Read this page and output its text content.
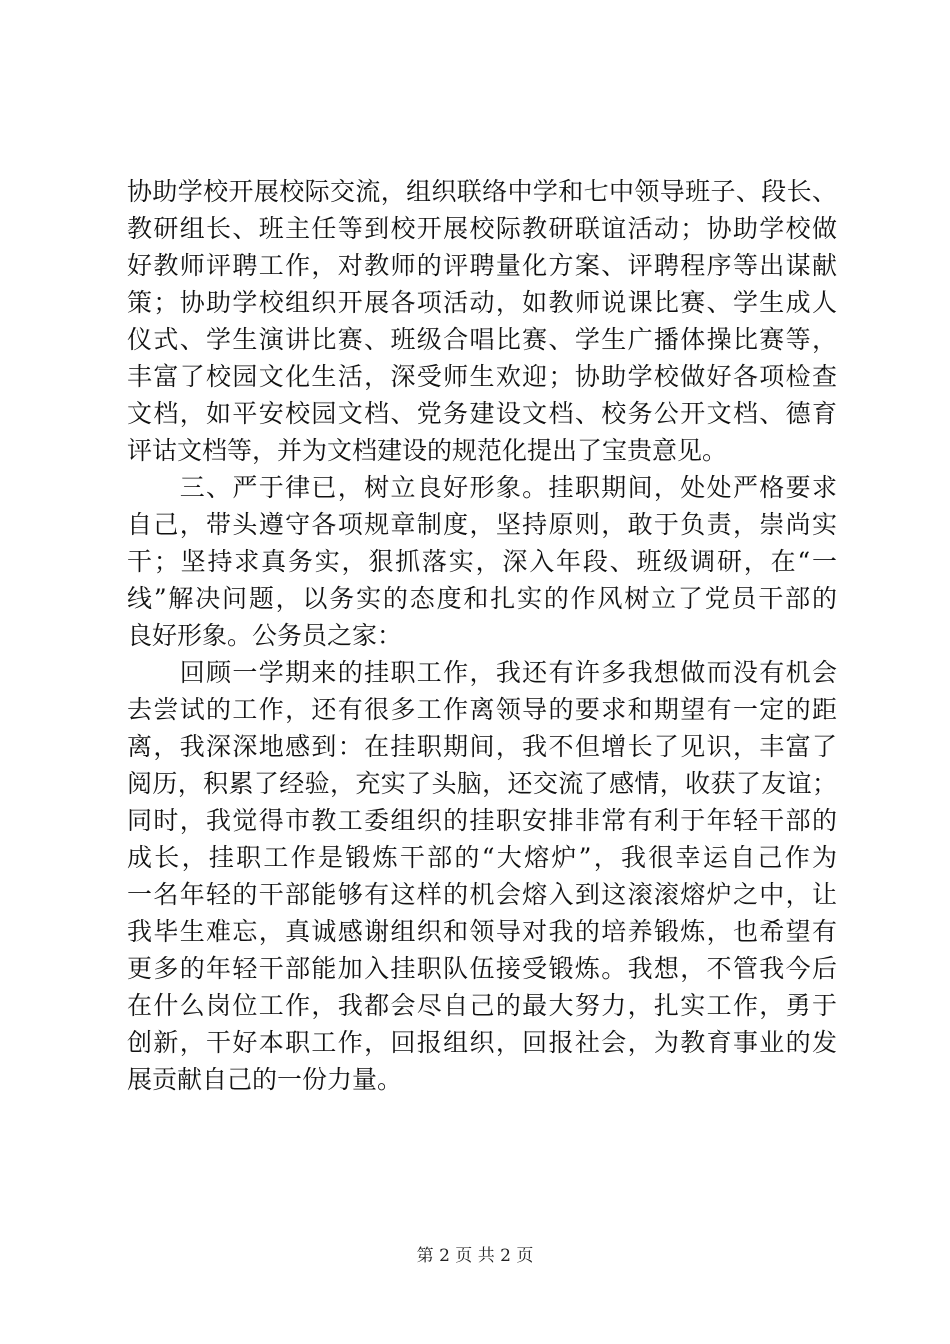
协助学校开展校际交流，组织联络中学和七中领导班子、段长、
教研组长、班主任等到校开展校际教研联谊活动；协助学校做
好教师评聘工作，对教师的评聘量化方案、评聘程序等出谋献
策；协助学校组织开展各项活动，如教师说课比赛、学生成人
仪式、学生演讲比赛、班级合唱比赛、学生广播体操比赛等，
丰富了校园文化生活，深受师生欢迎；协助学校做好各项检查
文档，如平安校园文档、党务建设文档、校务公开文档、德育
评诂文档等，并为文档建设的规范化提出了宝贵意见。
　　三、严于律已，树立良好形象。挂职期间，处处严格要求
自己，带头遵守各项规章制度，坚持原则，敢于负责，崇尚实
干；坚持求真务实，狠抓落实，深入年段、班级调研，在“一
线”解决问题，以务实的态度和扎实的作风树立了党员干部的
良好形象。公务员之家：
　　回顾一学期来的挂职工作，我还有许多我想做而没有机会
去尝试的工作，还有很多工作离领导的要求和期望有一定的距
离，我深深地感到：在挂职期间，我不但增长了见识，丰富了
阅历，积累了经验，充实了头脑，还交流了感情，收获了友谊；
同时，我觉得市教工委组织的挂职安排非常有利于年轻干部的
成长，挂职工作是锻炼干部的“大熔炉”，我很幸运自己作为
一名年轻的干部能够有这样的机会熔入到这滚滚熔炉之中，让
我毕生难忘，真诚感谢组织和领导对我的培养锻炼，也希望有
更多的年轻干部能加入挂职队伍接受锻炼。我想，不管我今后
在什么岗位工作，我都会尽自己的最大努力，扎实工作，勇于
创新，干好本职工作，回报组织，回报社会，为教育事业的发
展贡献自己的一份力量。
第 2 页 共 2 页
